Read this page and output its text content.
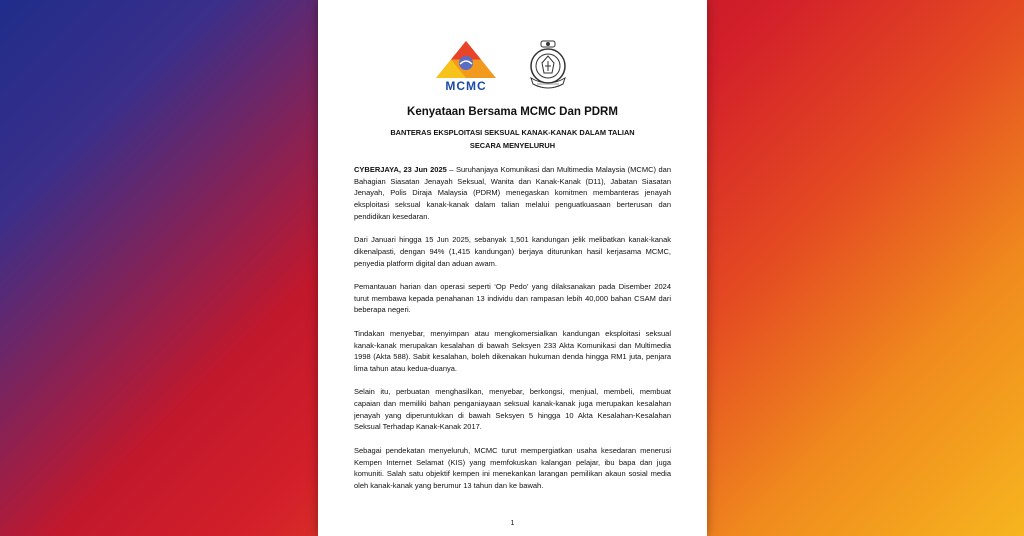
MCMC
Kenyataan Bersama MCMC Dan PDRM
BANTERAS EKSPLOITASI SEKSUAL KANAK-KANAK DALAM TALIAN
SECARA MENYELURUH

CYBERJAYA, 23 Jun 2025 – Suruhanjaya Komunikasi dan Multimedia Malaysia (MCMC) dan Bahagian Siasatan Jenayah Seksual, Wanita dan Kanak-Kanak (D11), Jabatan Siasatan Jenayah, Polis Diraja Malaysia (PDRM) menegaskan komitmen membanteras jenayah eksploitasi seksual kanak-kanak dalam talian melalui penguatkuasaan berterusan dan pendidikan kesedaran.

Dari Januari hingga 15 Jun 2025, sebanyak 1,501 kandungan jelik melibatkan kanak-kanak dikenalpasti, dengan 94% (1,415 kandungan) berjaya diturunkan hasil kerjasama MCMC, penyedia platform digital dan aduan awam.

Pemantauan harian dan operasi seperti ‘Op Pedo’ yang dilaksanakan pada Disember 2024 turut membawa kepada penahanan 13 individu dan rampasan lebih 40,000 bahan CSAM dari beberapa negeri.

Tindakan menyebar, menyimpan atau mengkomersialkan kandungan eksploitasi seksual kanak-kanak merupakan kesalahan di bawah Seksyen 233 Akta Komunikasi dan Multimedia 1998 (Akta 588). Sabit kesalahan, boleh dikenakan hukuman denda hingga RM1 juta, penjara lima tahun atau kedua-duanya.

Selain itu, perbuatan menghasilkan, menyebar, berkongsi, menjual, membeli, membuat capaian dan memiliki bahan penganiayaan seksual kanak-kanak juga merupakan kesalahan jenayah yang diperuntukkan di bawah Seksyen 5 hingga 10 Akta Kesalahan-Kesalahan Seksual Terhadap Kanak-Kanak 2017.

Sebagai pendekatan menyeluruh, MCMC turut mempergiatkan usaha kesedaran menerusi Kempen Internet Selamat (KIS) yang memfokuskan kalangan pelajar, ibu bapa dan juga komuniti. Salah satu objektif kempen ini menekankan larangan pemilikan akaun sosial media oleh kanak-kanak yang berumur 13 tahun dan ke bawah.

1
